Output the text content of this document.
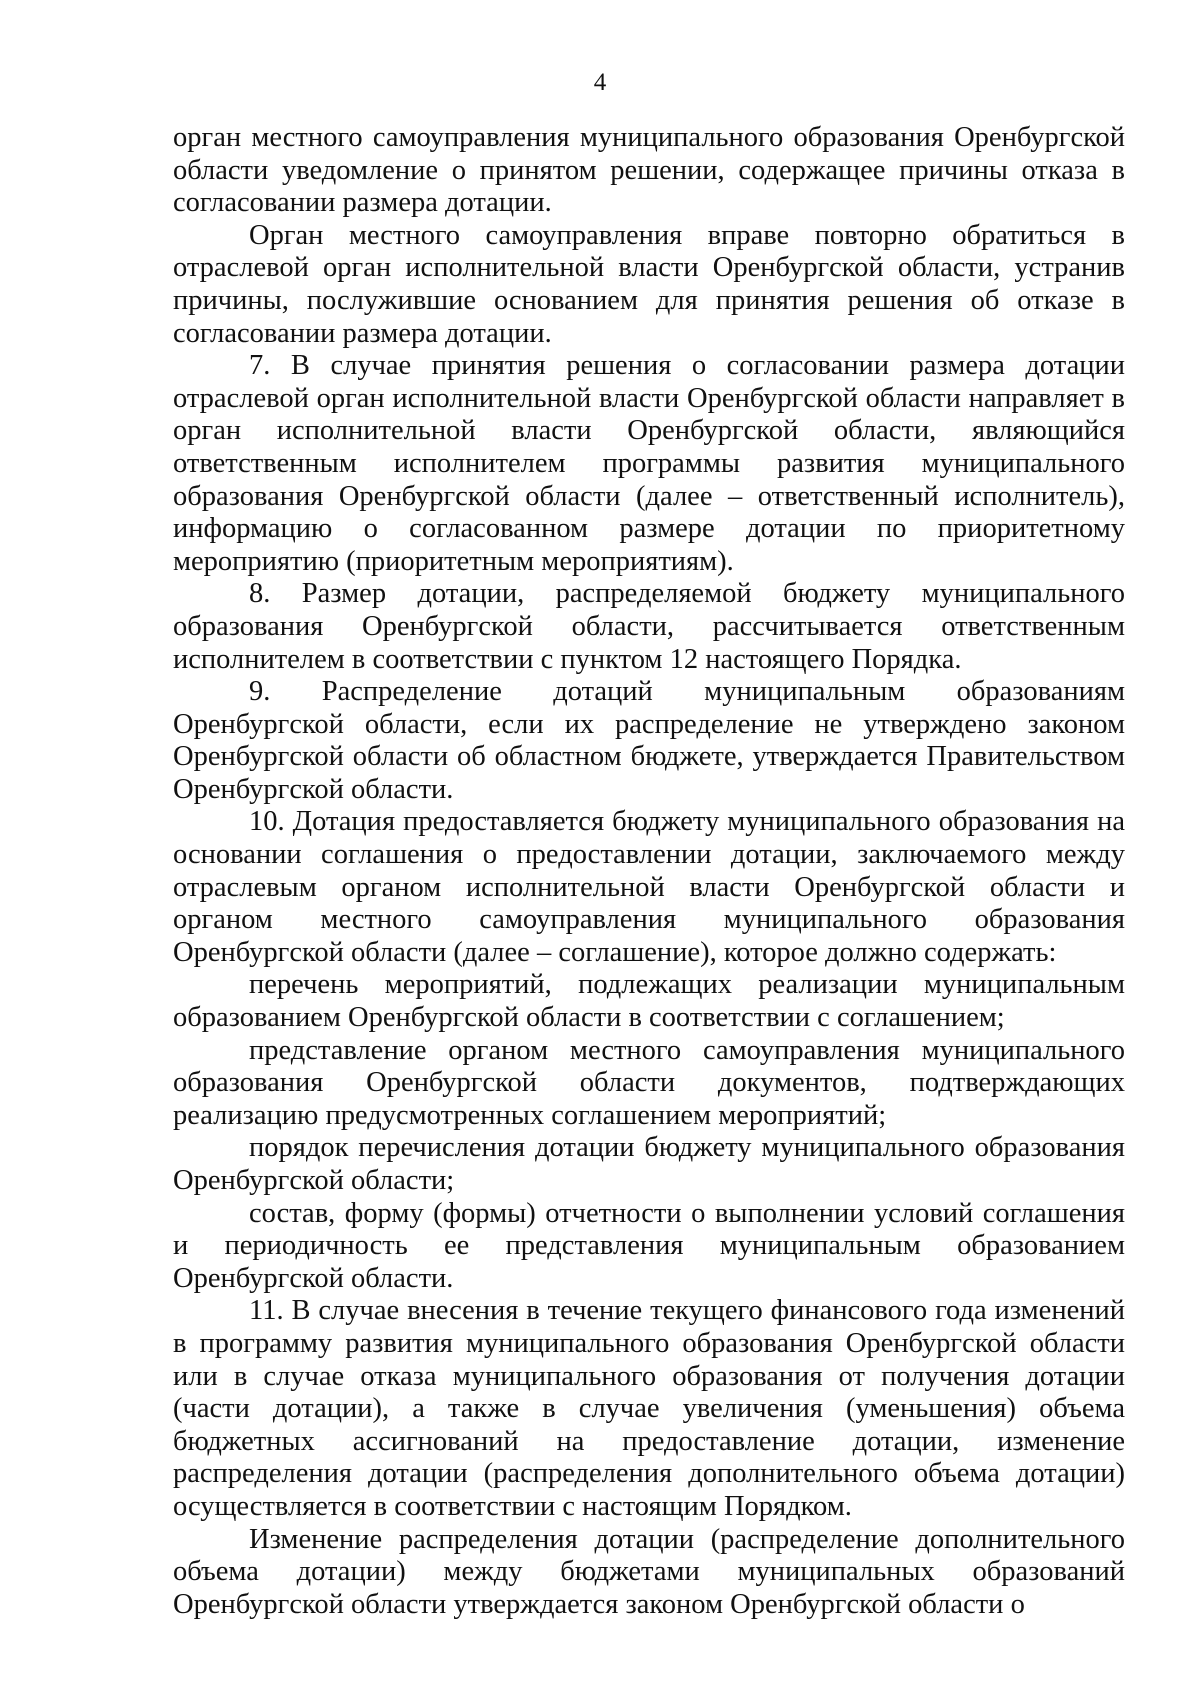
4

орган местного самоуправления муниципального образования Оренбургской области уведомление о принятом решении, содержащее причины отказа в согласовании размера дотации.

Орган местного самоуправления вправе повторно обратиться в отраслевой орган исполнительной власти Оренбургской области, устранив причины, послужившие основанием для принятия решения об отказе в согласовании размера дотации.

7. В случае принятия решения о согласовании размера дотации отраслевой орган исполнительной власти Оренбургской области направляет в орган исполнительной власти Оренбургской области, являющийся ответственным исполнителем программы развития муниципального образования Оренбургской области (далее – ответственный исполнитель), информацию о согласованном размере дотации по приоритетному мероприятию (приоритетным мероприятиям).

8. Размер дотации, распределяемой бюджету муниципального образования Оренбургской области, рассчитывается ответственным исполнителем в соответствии с пунктом 12 настоящего Порядка.

9. Распределение дотаций муниципальным образованиям Оренбургской области, если их распределение не утверждено законом Оренбургской области об областном бюджете, утверждается Правительством Оренбургской области.

10. Дотация предоставляется бюджету муниципального образования на основании соглашения о предоставлении дотации, заключаемого между отраслевым органом исполнительной власти Оренбургской области и органом местного самоуправления муниципального образования Оренбургской области (далее – соглашение), которое должно содержать:

перечень мероприятий, подлежащих реализации муниципальным образованием Оренбургской области в соответствии с соглашением;

представление органом местного самоуправления муниципального образования Оренбургской области документов, подтверждающих реализацию предусмотренных соглашением мероприятий;

порядок перечисления дотации бюджету муниципального образования Оренбургской области;

состав, форму (формы) отчетности о выполнении условий соглашения и периодичность ее представления муниципальным образованием Оренбургской области.

11. В случае внесения в течение текущего финансового года изменений в программу развития муниципального образования Оренбургской области или в случае отказа муниципального образования от получения дотации (части дотации), а также в случае увеличения (уменьшения) объема бюджетных ассигнований на предоставление дотации, изменение распределения дотации (распределения дополнительного объема дотации) осуществляется в соответствии с настоящим Порядком.

Изменение распределения дотации (распределение дополнительного объема дотации) между бюджетами муниципальных образований Оренбургской области утверждается законом Оренбургской области о
